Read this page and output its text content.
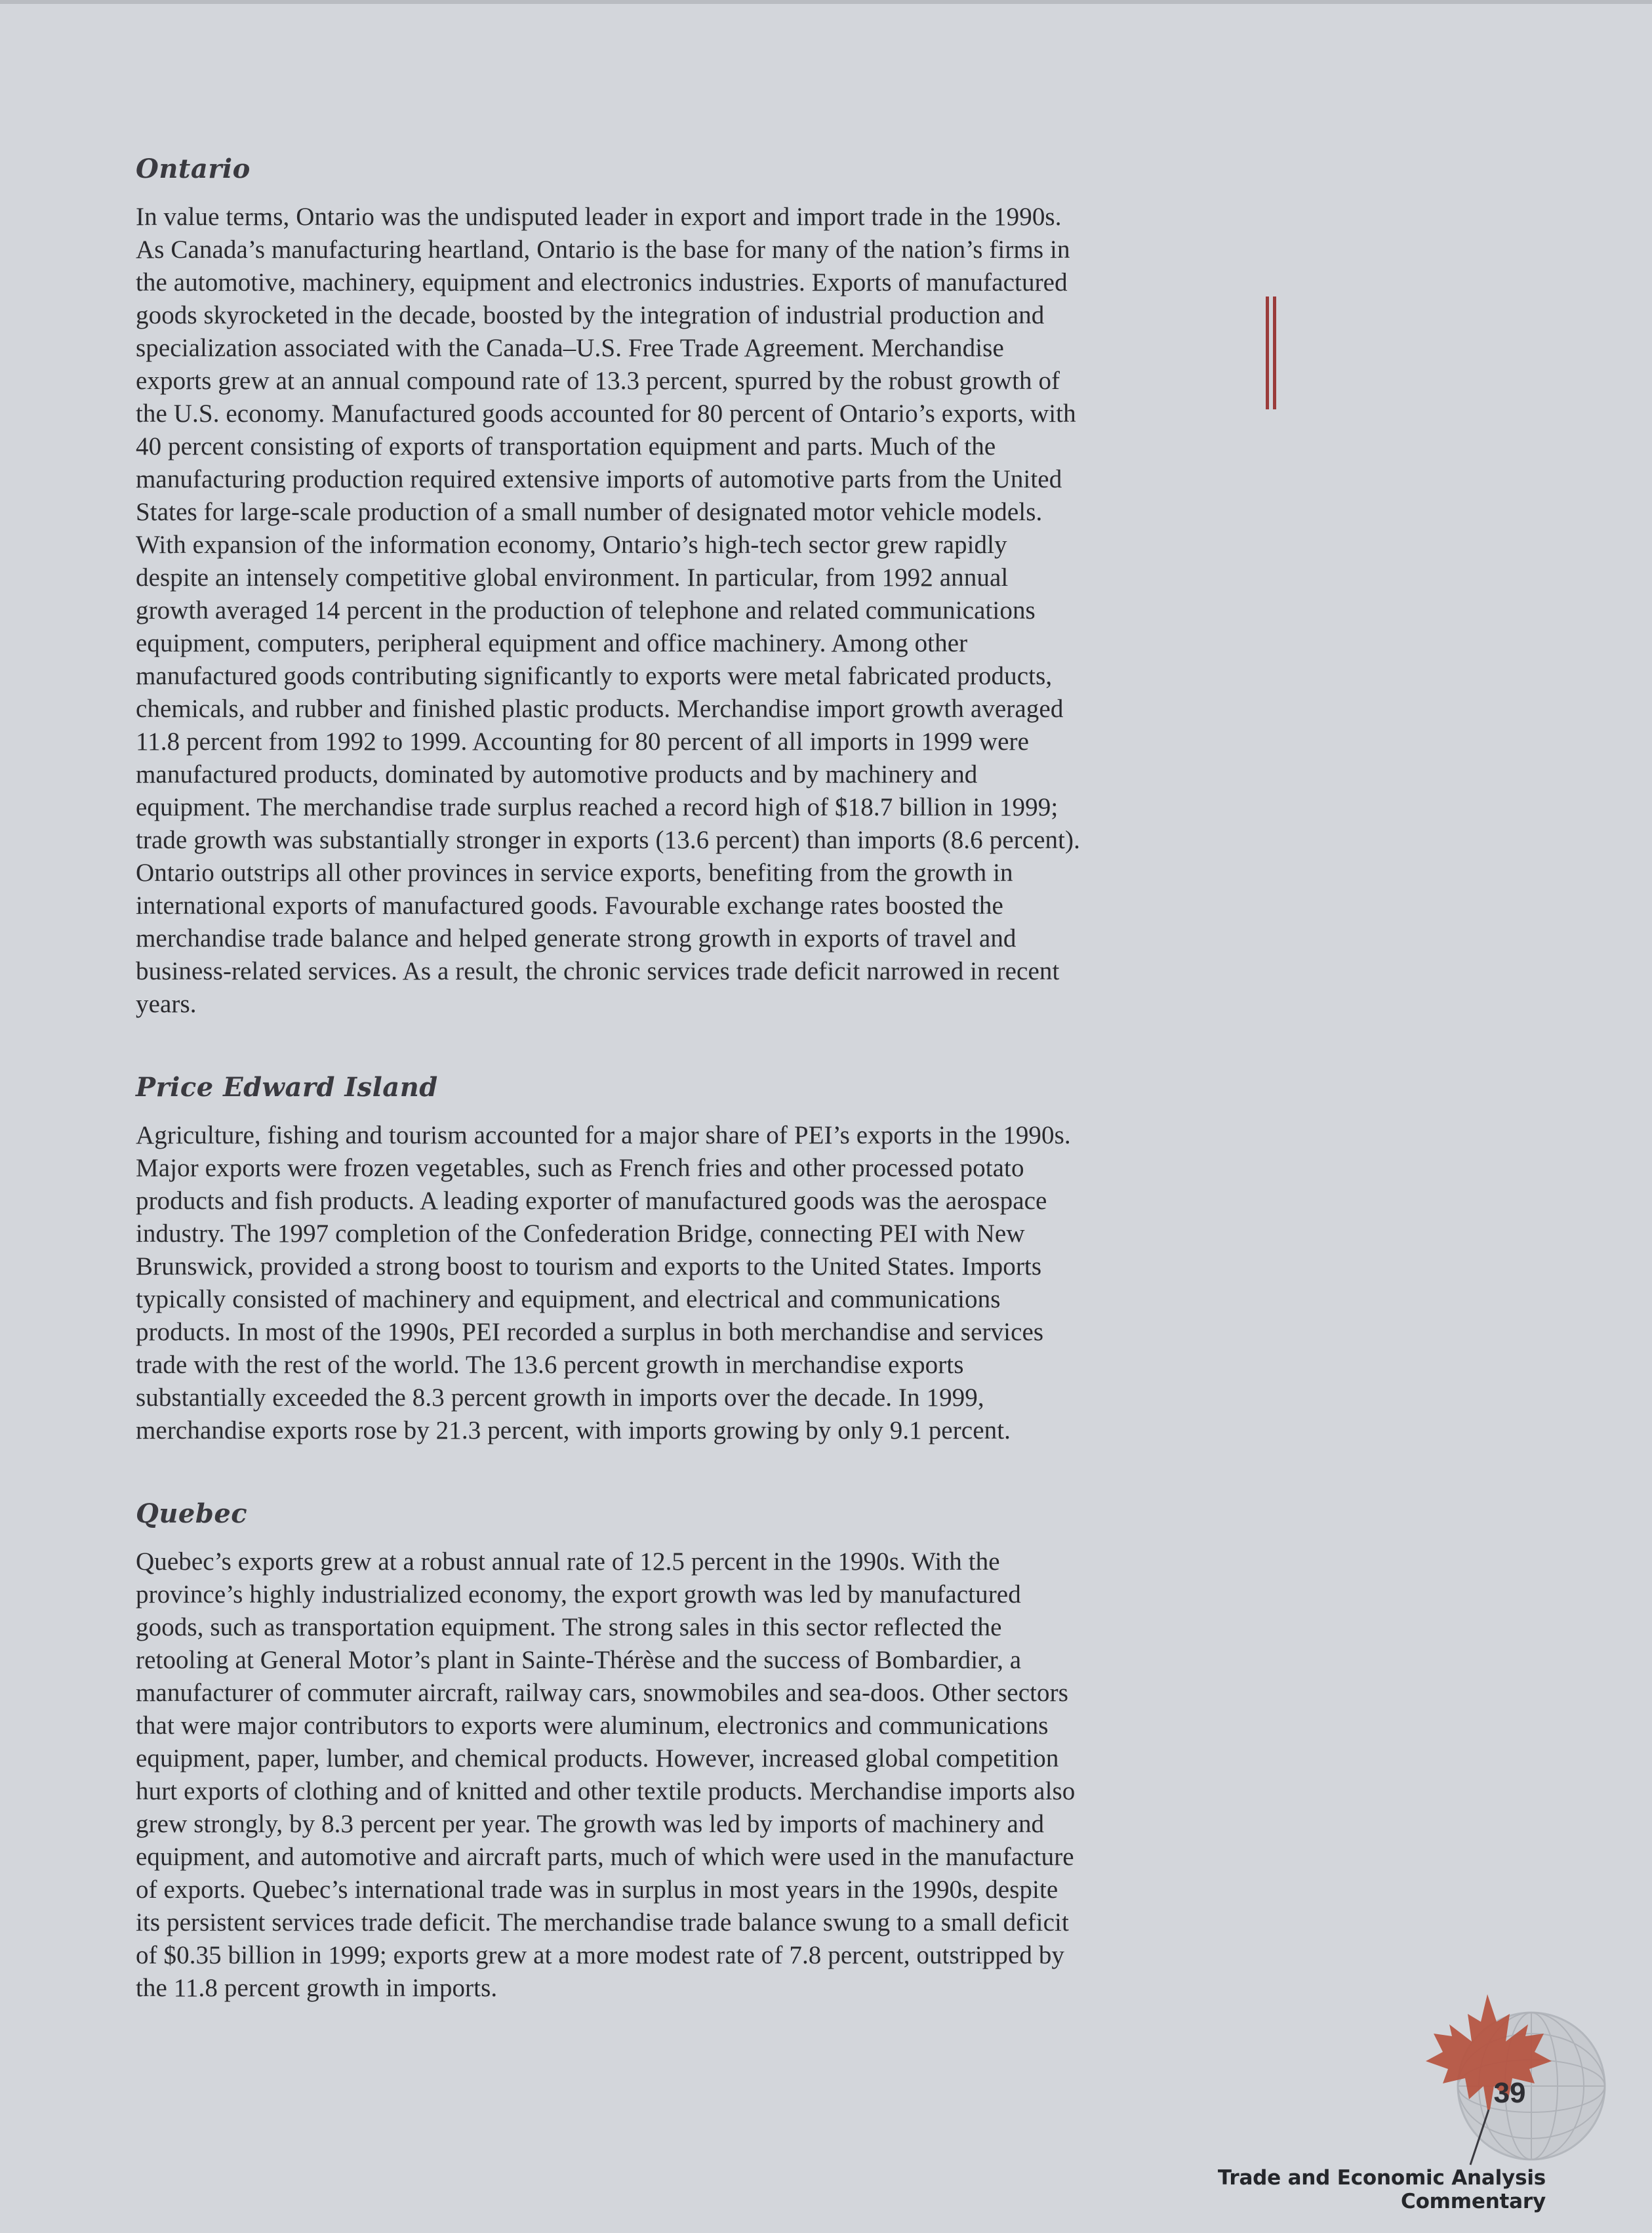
Ontario

In value terms, Ontario was the undisputed leader in export and import trade in the 1990s. As Canada’s manufacturing heartland, Ontario is the base for many of the nation’s firms in the automotive, machinery, equipment and electronics industries. Exports of manufactured goods skyrocketed in the decade, boosted by the integration of industrial production and specialization associated with the Canada–U.S. Free Trade Agreement. Merchandise exports grew at an annual compound rate of 13.3 percent, spurred by the robust growth of the U.S. economy. Manufactured goods accounted for 80 percent of Ontario’s exports, with 40 percent consisting of exports of transportation equipment and parts. Much of the manufacturing production required extensive imports of automotive parts from the United States for large-scale production of a small number of designated motor vehicle models. With expansion of the information economy, Ontario’s high-tech sector grew rapidly despite an intensely competitive global environment. In particular, from 1992 annual growth averaged 14 percent in the production of telephone and related communications equipment, computers, peripheral equipment and office machinery. Among other manufactured goods contributing significantly to exports were metal fabricated products, chemicals, and rubber and finished plastic products. Merchandise import growth averaged 11.8 percent from 1992 to 1999. Accounting for 80 percent of all imports in 1999 were manufactured products, dominated by automotive products and by machinery and equipment. The merchandise trade surplus reached a record high of $18.7 billion in 1999; trade growth was substantially stronger in exports (13.6 percent) than imports (8.6 percent). Ontario outstrips all other provinces in service exports, benefiting from the growth in international exports of manufactured goods. Favourable exchange rates boosted the merchandise trade balance and helped generate strong growth in exports of travel and business-related services. As a result, the chronic services trade deficit narrowed in recent years.

Price Edward Island

Agriculture, fishing and tourism accounted for a major share of PEI’s exports in the 1990s. Major exports were frozen vegetables, such as French fries and other processed potato products and fish products. A leading exporter of manufactured goods was the aerospace industry. The 1997 completion of the Confederation Bridge, connecting PEI with New Brunswick, provided a strong boost to tourism and exports to the United States. Imports typically consisted of machinery and equipment, and electrical and communications products. In most of the 1990s, PEI recorded a surplus in both merchandise and services trade with the rest of the world. The 13.6 percent growth in merchandise exports substantially exceeded the 8.3 percent growth in imports over the decade. In 1999, merchandise exports rose by 21.3 percent, with imports growing by only 9.1 percent.

Quebec

Quebec’s exports grew at a robust annual rate of 12.5 percent in the 1990s. With the province’s highly industrialized economy, the export growth was led by manufactured goods, such as transportation equipment. The strong sales in this sector reflected the retooling at General Motor’s plant in Sainte-Thérèse and the success of Bombardier, a manufacturer of commuter aircraft, railway cars, snowmobiles and sea-doos. Other sectors that were major contributors to exports were aluminum, electronics and communications equipment, paper, lumber, and chemical products. However, increased global competition hurt exports of clothing and of knitted and other textile products. Merchandise imports also grew strongly, by 8.3 percent per year. The growth was led by imports of machinery and equipment, and automotive and aircraft parts, much of which were used in the manufacture of exports. Quebec’s international trade was in surplus in most years in the 1990s, despite its persistent services trade deficit. The merchandise trade balance swung to a small deficit of $0.35 billion in 1999; exports grew at a more modest rate of 7.8 percent, outstripped by the 11.8 percent growth in imports.

39
Trade and Economic Analysis Commentary
